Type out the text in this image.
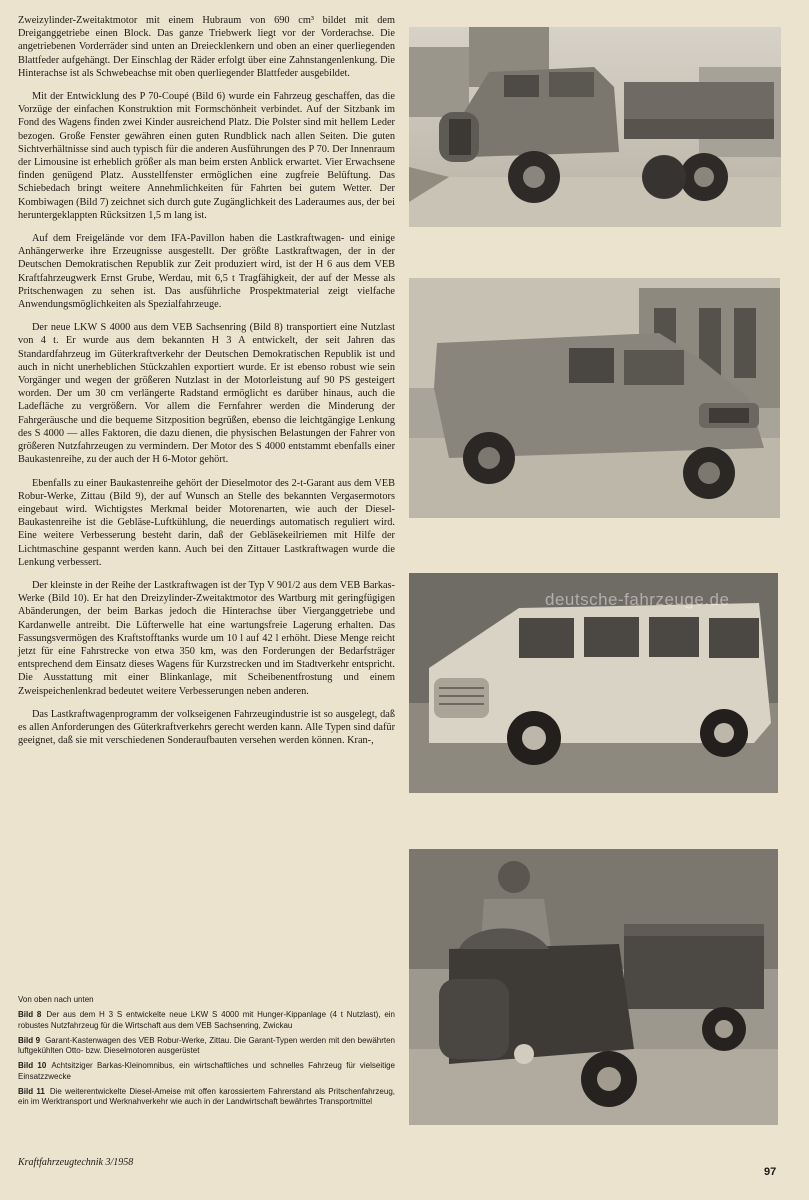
Zweizylinder-Zweitaktmotor mit einem Hubraum von 690 cm³ bildet mit dem Dreiganggetriebe einen Block. Das ganze Triebwerk liegt vor der Vorderachse. Die angetriebenen Vorderräder sind unten an Dreiecklenkern und oben an einer querliegenden Blattfeder aufgehängt. Der Einschlag der Räder erfolgt über eine Zahnstangenlenkung. Die Hinterachse ist als Schwebeachse mit oben querliegender Blattfeder ausgebildet.

Mit der Entwicklung des P 70-Coupé (Bild 6) wurde ein Fahrzeug geschaffen, das die Vorzüge der einfachen Konstruktion mit Formschönheit verbindet. Auf der Sitzbank im Fond des Wagens finden zwei Kinder ausreichend Platz. Die Polster sind mit hellem Leder bezogen. Große Fenster gewähren einen guten Rundblick nach allen Seiten. Die guten Sichtverhältnisse sind auch typisch für die anderen Ausführungen des P 70. Der Innenraum der Limousine ist erheblich größer als man beim ersten Anblick erwartet. Vier Erwachsene finden genügend Platz. Ausstellfenster ermöglichen eine zugfreie Belüftung. Das Schiebedach bringt weitere Annehmlichkeiten für Fahrten bei gutem Wetter. Der Kombiwagen (Bild 7) zeichnet sich durch gute Zugänglichkeit des Laderaumes aus, der bei heruntergeklappten Rücksitzen 1,5 m lang ist.

Auf dem Freigelände vor dem IFA-Pavillon haben die Lastkraftwagen- und einige Anhängerwerke ihre Erzeugnisse ausgestellt. Der größte Lastkraftwagen, der in der Deutschen Demokratischen Republik zur Zeit produziert wird, ist der H 6 aus dem VEB Kraftfahrzeugwerk Ernst Grube, Werdau, mit 6,5 t Tragfähigkeit, der auf der Messe als Pritschenwagen zu sehen ist. Das ausführliche Prospektmaterial zeigt vielfache Anwendungsmöglichkeiten als Spezialfahrzeuge.

Der neue LKW S 4000 aus dem VEB Sachsenring (Bild 8) transportiert eine Nutzlast von 4 t. Er wurde aus dem bekannten H 3 A entwickelt, der seit Jahren das Standardfahrzeug im Güterkraftverkehr der Deutschen Demokratischen Republik ist und auch in nicht unerheblichen Stückzahlen exportiert wurde. Er ist ebenso robust wie sein Vorgänger und wegen der größeren Nutzlast in der Motorleistung auf 90 PS gesteigert worden. Der um 30 cm verlängerte Radstand ermöglicht es darüber hinaus, auch die Ladefläche zu vergrößern. Vor allem die Fernfahrer werden die Minderung der Fahrgeräusche und die bequeme Sitzposition begrüßen, ebenso die leichtgängige Lenkung des S 4000 — alles Faktoren, die dazu dienen, die physischen Belastungen der Fahrer von größeren Nutzfahrzeugen zu vermindern. Der Motor des S 4000 entstammt ebenfalls einer Baukastenreihe, zu der auch der H 6-Motor gehört.

Ebenfalls zu einer Baukastenreihe gehört der Dieselmotor des 2-t-Garant aus dem VEB Robur-Werke, Zittau (Bild 9), der auf Wunsch an Stelle des bekannten Vergasermotors eingebaut wird. Wichtigstes Merkmal beider Motorenarten, wie auch der Diesel-Baukastenreihe ist die Gebläse-Luftkühlung, die neuerdings automatisch reguliert wird. Eine weitere Verbesserung besteht darin, daß der Gebläsekeilriemen mit Hilfe der Lichtmaschine gespannt werden kann. Auch bei den Zittauer Lastkraftwagen wurde die Lenkung verbessert.

Der kleinste in der Reihe der Lastkraftwagen ist der Typ V 901/2 aus dem VEB Barkas-Werke (Bild 10). Er hat den Dreizylinder-Zweitaktmotor des Wartburg mit geringfügigen Abänderungen, der beim Barkas jedoch die Hinterachse über Vierganggetriebe und Kardanwelle antreibt. Die Lüfterwelle hat eine wartungsfreie Lagerung erhalten. Das Fassungsvermögen des Kraftstofftanks wurde um 10 l auf 42 l erhöht. Diese Menge reicht jetzt für eine Fahrstrecke von etwa 350 km, was den Forderungen der Bedarfsträger entsprechend dem Einsatz dieses Wagens für Kurzstrecken und im Stadtverkehr entspricht. Die Ausstattung mit einer Blinkanlage, mit Scheibenentfrostung und einem Zweispeichenlenkrad bedeutet weitere Verbesserungen neben anderen.

Das Lastkraftwagenprogramm der volkseigenen Fahrzeugindustrie ist so ausgelegt, daß es allen Anforderungen des Güterkraftverkehrs gerecht werden kann. Alle Typen sind dafür geeignet, daß sie mit verschiedenen Sonderaufbauten versehen werden können. Kran-,

Von oben nach unten
Bild 8 Der aus dem H 3 S entwickelte neue LKW S 4000 mit Hunger-Kippanlage (4 t Nutzlast), ein robustes Nutzfahrzeug für die Wirtschaft aus dem VEB Sachsenring, Zwickau
Bild 9 Garant-Kastenwagen des VEB Robur-Werke, Zittau. Die Garant-Typen werden mit den bewährten luftgekühlten Otto- bzw. Dieselmotoren ausgerüstet
Bild 10 Achtsitziger Barkas-Kleinomnibus, ein wirtschaftliches und schnelles Fahrzeug für vielseitige Einsatzzwecke
Bild 11 Die weiterentwickelte Diesel-Ameise mit offen karossiertem Fahrerstand als Pritschenfahrzeug, ein im Werktransport und Werknahverkehr wie auch in der Landwirtschaft bewährtes Transportmittel
Kraftfahrzeugtechnik 3/1958
97
deutsche-fahrzeuge.de
